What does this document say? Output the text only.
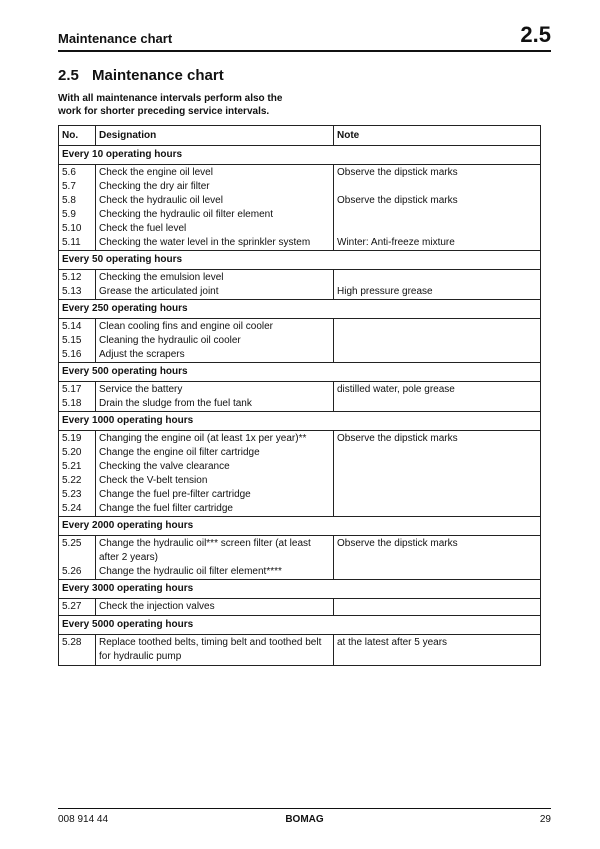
Maintenance chart	2.5
2.5 Maintenance chart
With all maintenance intervals perform also the work for shorter preceding service intervals.
No.	Designation	Note
Every 10 operating hours		
5.6	Check the engine oil level	Observe the dipstick marks
5.7	Checking the dry air filter	
5.8	Check the hydraulic oil level	Observe the dipstick marks
5.9	Checking the hydraulic oil filter element	
5.10	Check the fuel level	
5.11	Checking the water level in the sprinkler system	Winter: Anti-freeze mixture
Every 50 operating hours		
5.12	Checking the emulsion level	
5.13	Grease the articulated joint	High pressure grease
Every 250 operating hours		
5.14	Clean cooling fins and engine oil cooler	
5.15	Cleaning the hydraulic oil cooler	
5.16	Adjust the scrapers	
Every 500 operating hours		
5.17	Service the battery	distilled water, pole grease
5.18	Drain the sludge from the fuel tank	
Every 1000 operating hours		
5.19	Changing the engine oil (at least 1x per year)**	Observe the dipstick marks
5.20	Change the engine oil filter cartridge	
5.21	Checking the valve clearance	
5.22	Check the V-belt tension	
5.23	Change the fuel pre-filter cartridge	
5.24	Change the fuel filter cartridge	
Every 2000 operating hours		
5.25	Change the hydraulic oil*** screen filter (at least after 2 years)	Observe the dipstick marks
5.26	Change the hydraulic oil filter element****	
Every 3000 operating hours		
5.27	Check the injection valves	
Every 5000 operating hours		
5.28	Replace toothed belts, timing belt and toothed belt for hydraulic pump	at the latest after 5 years
008 914 44	BOMAG	29
